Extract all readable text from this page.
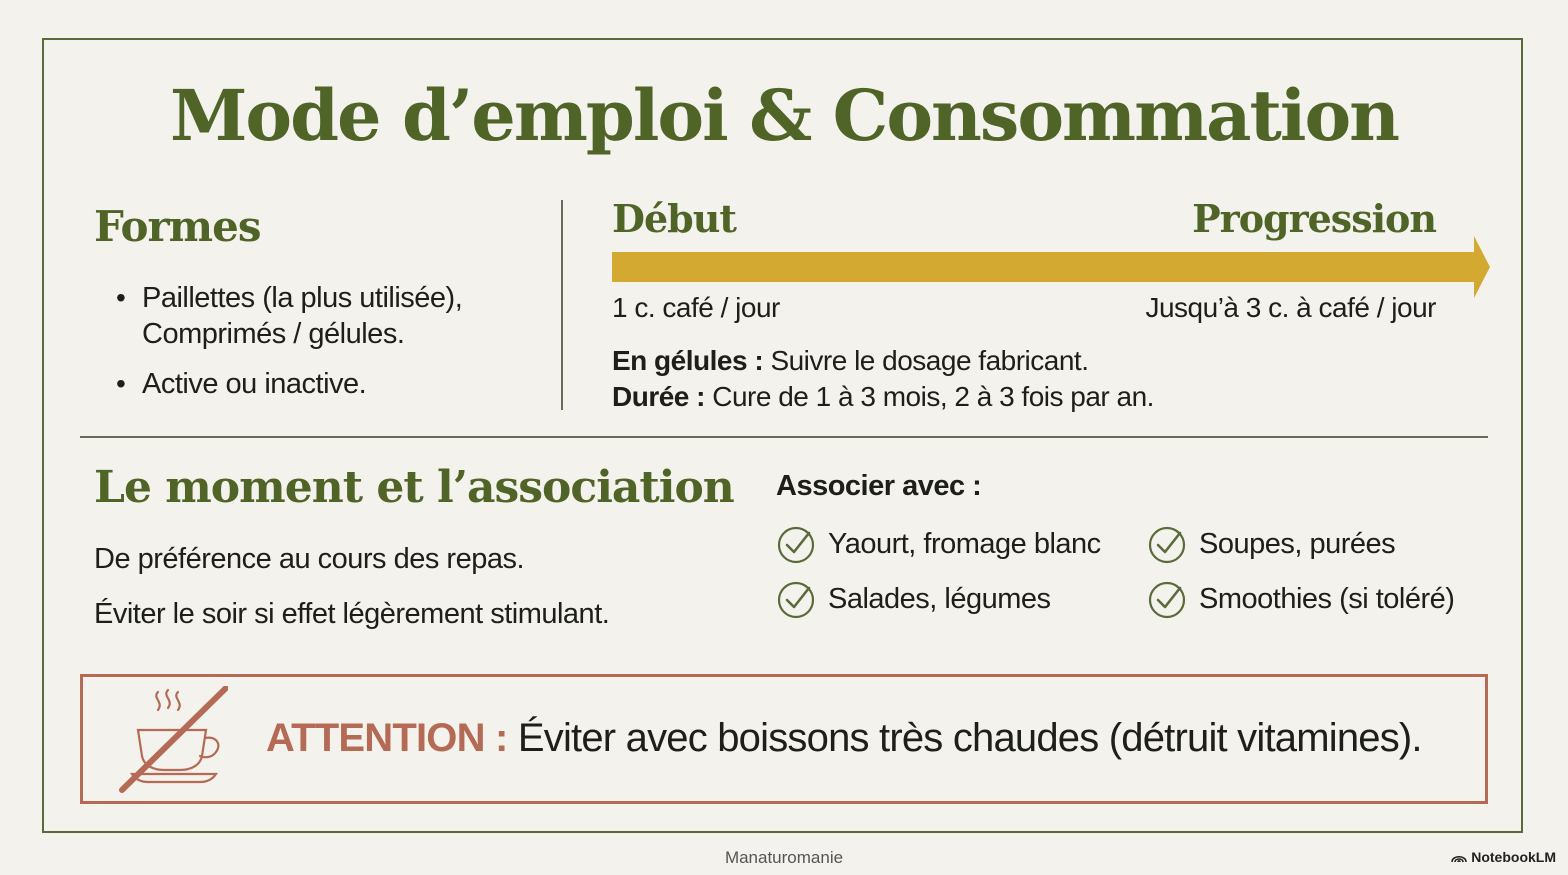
Mode d’emploi & Consommation
Formes
• Paillettes (la plus utilisée), Comprimés / gélules.
• Active ou inactive.
Début	Progression
1 c. café / jour	Jusqu’à 3 c. à café / jour
En gélules : Suivre le dosage fabricant.
Durée : Cure de 1 à 3 mois, 2 à 3 fois par an.
Le moment et l’association
De préférence au cours des repas.
Éviter le soir si effet légèrement stimulant.
Associer avec :
Yaourt, fromage blanc
Salades, légumes
Soupes, purées
Smoothies (si toléré)
ATTENTION : Éviter avec boissons très chaudes (détruit vitamines).
Manaturomanie	NotebookLM
